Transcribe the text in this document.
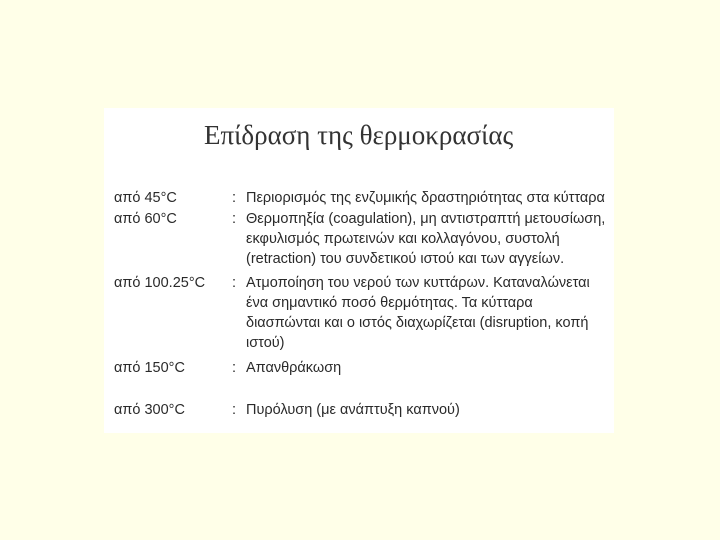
Επίδραση της θερμοκρασίας
από 45°C	: Περιορισμός της ενζυμικής δραστηριότητας στα κύτταρα
από 60°C	: Θερμοπηξία (coagulation), μη αντιστραπτή μετουσίωση,
εκφυλισμός πρωτεινών και κολλαγόνου, συστολή
(retraction) του συνδετικού ιστού και των αγγείων.
από 100.25°C	: Ατμοποίηση του νερού των κυττάρων. Καταναλώνεται
ένα σημαντικό ποσό θερμότητας. Τα κύτταρα
διασπώνται και ο ιστός διαχωρίζεται (disruption, κοπή
ιστού)
από 150°C	: Απανθράκωση
από 300°C	: Πυρόλυση (με ανάπτυξη καπνού)
